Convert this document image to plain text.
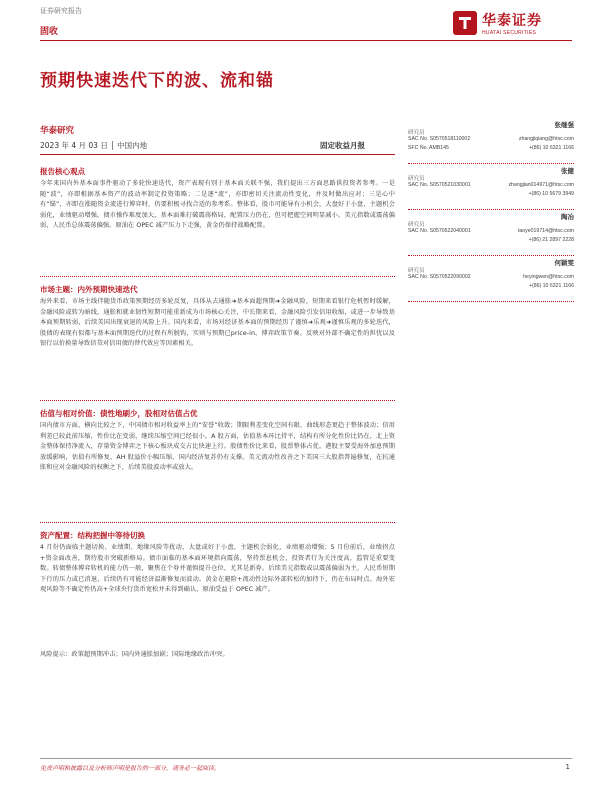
证券研究报告
固收
华泰证券
HUATAI SECURITIES
预期快速迭代下的波、流和锚
华泰研究
2023 年 4 月 03 日 │ 中国内地	固定收益月报
报告核心观点

今年来国内外基本面事件驱动了多轮快速迭代，资产表现有别于基本面关联不强，我们提出三方面思路供投资者参考。一是随“波”，亦即根据基本资产的波动率制定投资策略；二是逐“流”，亦即密切关注流动性变化，并及时做出应对；三是心中有“锚”，亦即在涨随资金流进行博弈时，仍要积极寻找合适的参考系。整体看，股市可能导有小机会，大盘好于小盘，主题机会弱化，业绩驱动增强。债市操作难度加大，基本面难打破震荡格局，配置压力仍在，但可把握空间明显减小。美元指数或震荡偏弱，人民币总体震荡偏强。原油在 OPEC 减产压力下走强，黄金仍保持战略配置。

市场主题：内外预期快速迭代

海外来看，市场主线伴随货币政策预期经历多轮反复，具体从去通胀➜基本面超预期➜金融风险，短期来看银行危机暂时缓解，金融风险或转为暗线，通胀和就业韧性短期可能重新成为市场核心关注，中长期来看，金融风险引发信用收缩，或进一步导致基本面预期转弱，后续美国出现衰退的风险上升。国内来看，市场对经济基本面的预期经历了谨慎➜乐观➜谨慎乐观的多轮迭代，股债的表现有似都与基本面预期迭代的过程有所脱钩，实则与预期已price-in、博弈政策节奏、反映对外部不确定性的担忧以及银行以价换量导致信贷对信用债的替代效应等因素相关。

估值与相对价值：债性地刷少，股相对估值占优

国内债市方面，横向比较之下，中国债市相对收益率上的“安誉”收敛；期限利差变化空间有限，曲线形态更趋于整体波动；信用利差已较此前压缩，性价比在变弱，继续压缩空间已经很小。A 股方面，估值基本环比持平，结构有所分化性价比仍在，北上资金整体保持净流入，存量资金博弈之下核心板块成交占比快速上行。股债性价比来看，股票整体占优。港股主要受海外加息预期放缓影响，估值有所修复，AH 股溢价小幅压缩，国内经济复苏仍有支撑。美元流动性改善之下美国三大股指普遍修复，在抗通胀和应对金融风险的权衡之下，后续美股波动率或放大。

资产配置：结构把握中等待切换

4 月份仍面临主题切换、业绩期、地缘风险等扰动，大盘或好于小盘，主题机会弱化，业绩驱动增强；5 月份前后，业绩拐点+资金面改善，期待股市突破新格局。债市面临的基本面环境指向震荡，坚持票息机会，投资者行为关注度高，监管是重要变数。转债整体博弈转机的能力仍一般，聚焦在个券并谨慎提升仓位，尤其是新券。后续美元指数或以震荡偏弱为主，人民币短期下行的压力或已消退，后续仍有可能经济温渐修复而波动。黄金在避险+流动性边际外部转松的加持下，仍在布局时点。海外宏观风险等不确定性仍高+全球央行货币宽松并未得到确认，原油受益于 OPEC 减产。

风险提示：政策超预期冲击；国内外通胀加剧；国际地缘政治冲突。

张继强
研究员
SAC No. S0570518110002	zhangjiqiang@htsc.com
SFC No. AMB145	+(86) 10 6321 1166
张健
研究员
SAC No. S0570521030001	zhangjian014971@htsc.com
+(86) 10 5679 3949
陶冶
研究员
SAC No. S0570522040001	taoye019714@htsc.com
+(86) 21 2897 2228
何颖雯
研究员
SAC No. S0570522090002	heyingwen@htsc.com
+(86) 10 6321 1166
免责声明和披露以及分析师声明是报告的一部分，请务必一起阅读。	1
